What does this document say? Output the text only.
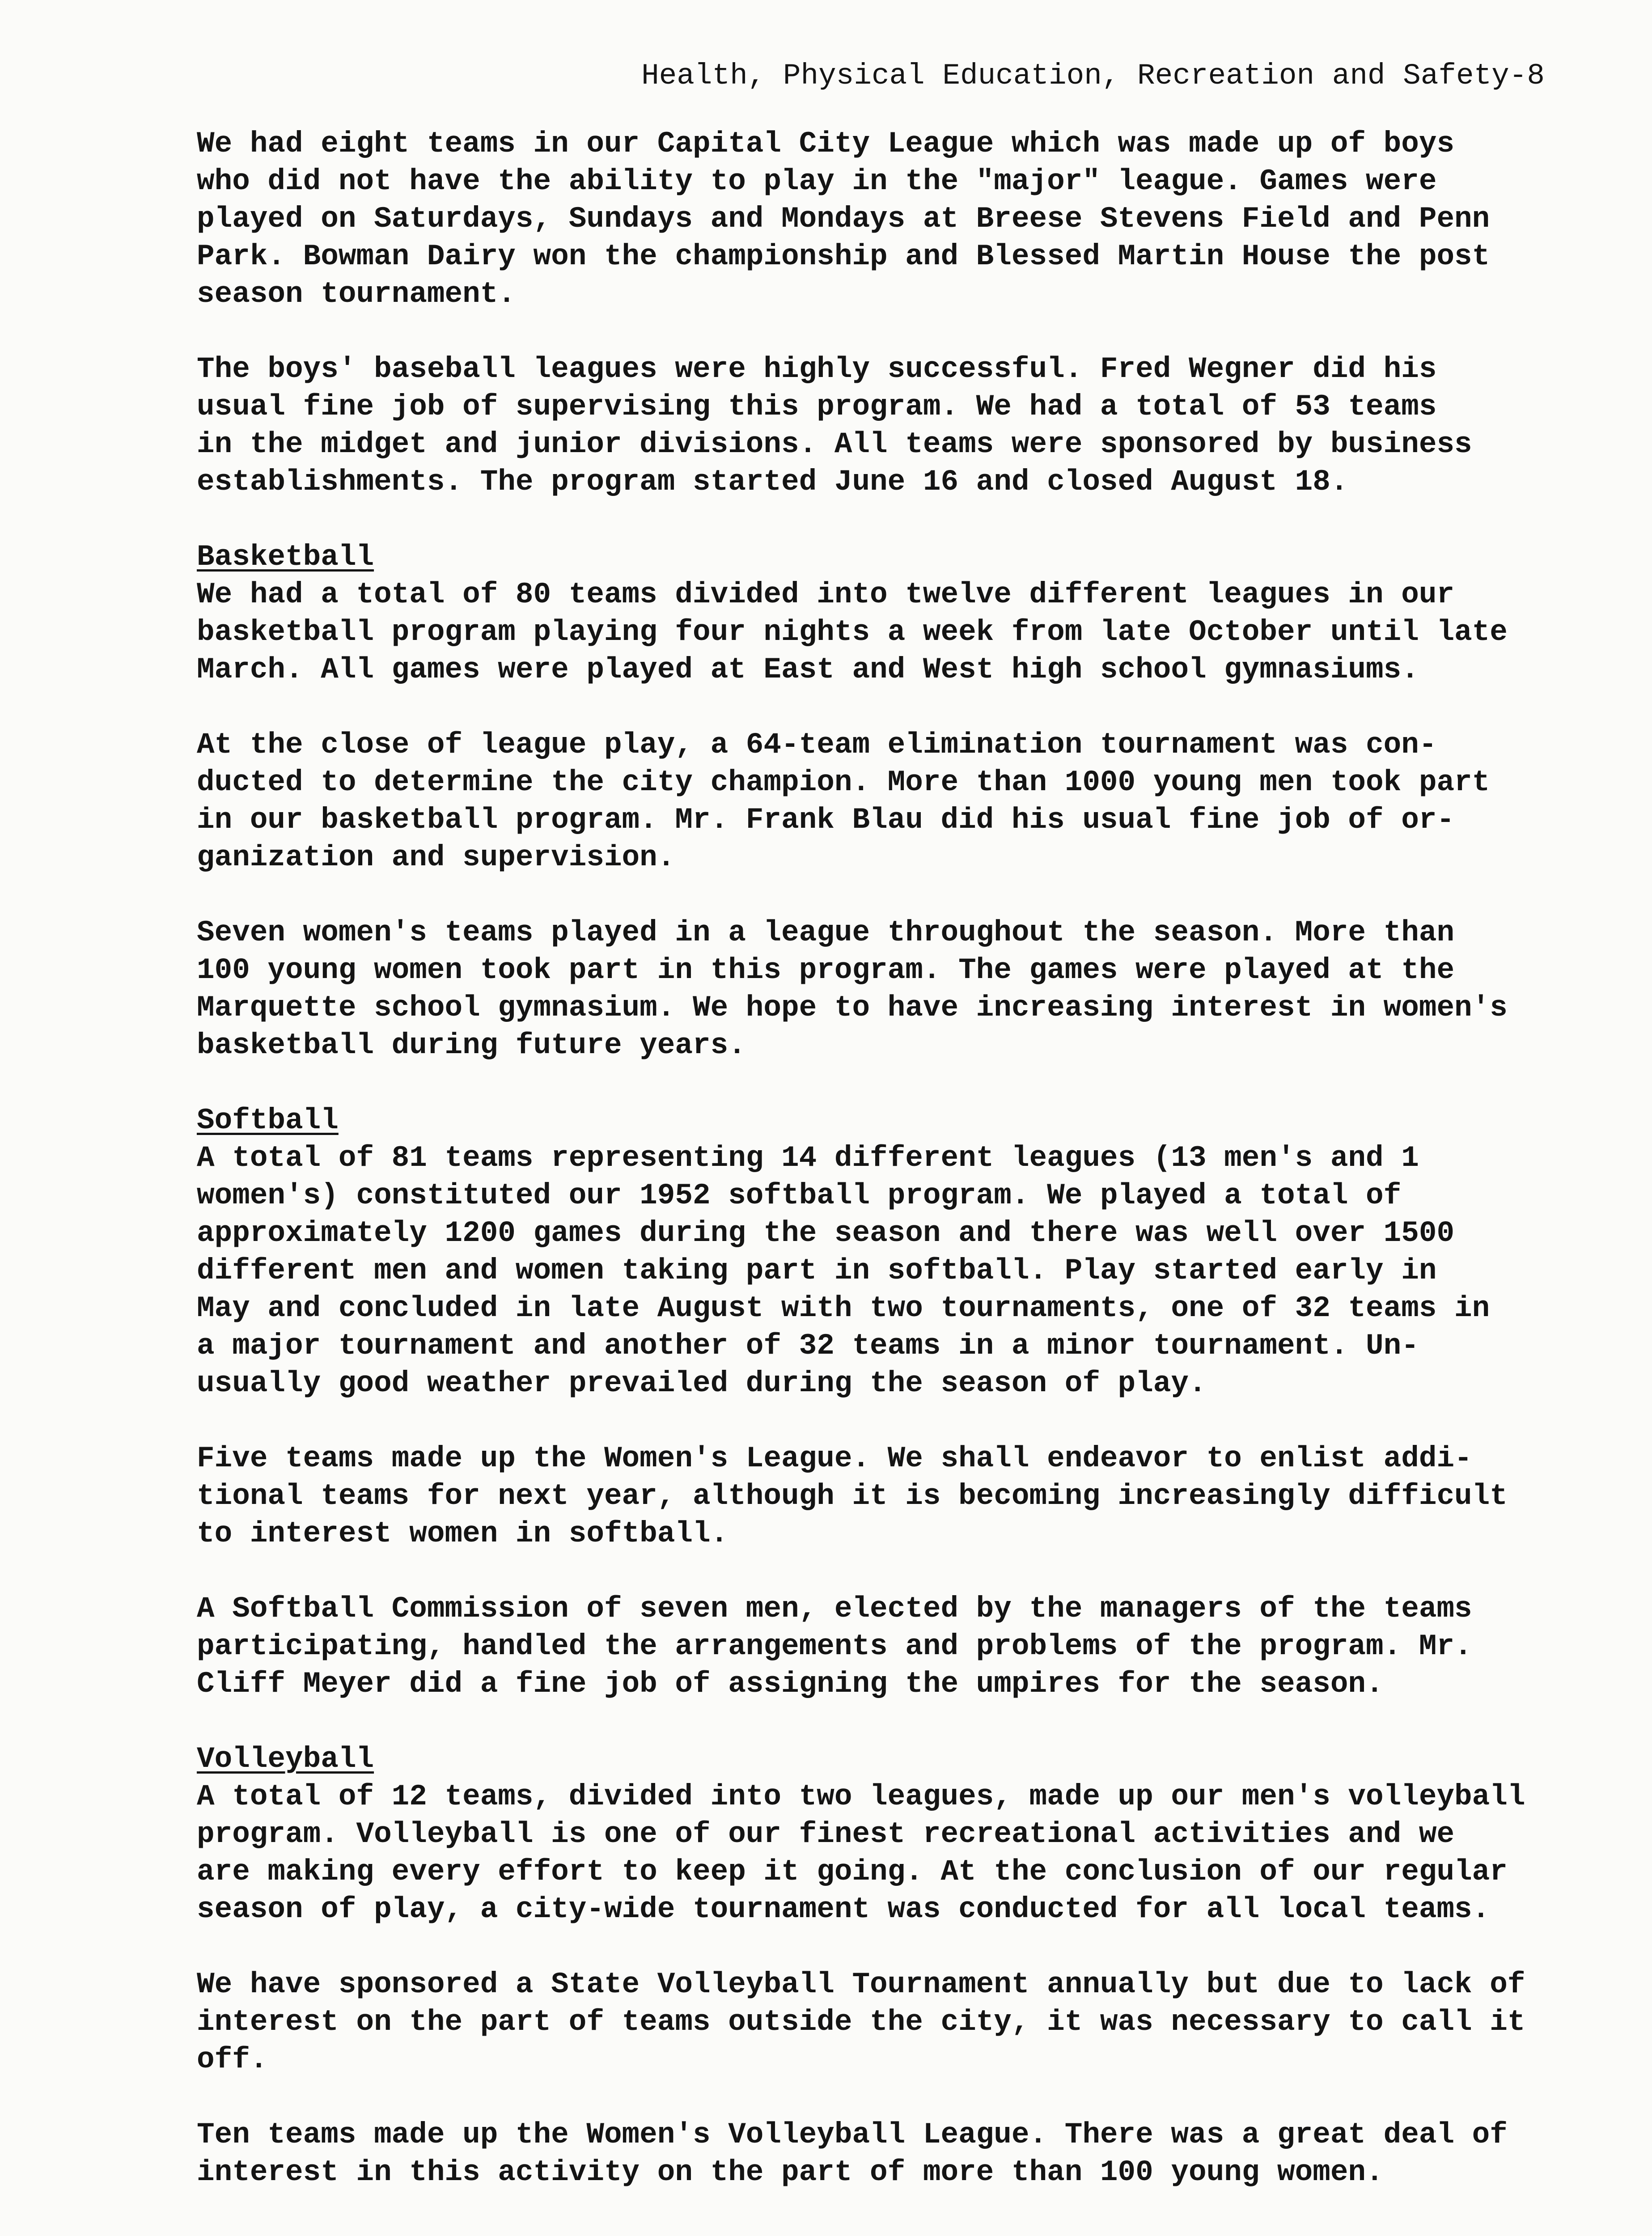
Health, Physical Education, Recreation and Safety-8

We had eight teams in our Capital City League which was made up of boys
who did not have the ability to play in the "major" league. Games were
played on Saturdays, Sundays and Mondays at Breese Stevens Field and Penn
Park. Bowman Dairy won the championship and Blessed Martin House the post
season tournament.

The boys' baseball leagues were highly successful. Fred Wegner did his
usual fine job of supervising this program. We had a total of 53 teams
in the midget and junior divisions. All teams were sponsored by business
establishments. The program started June 16 and closed August 18.

Basketball

We had a total of 80 teams divided into twelve different leagues in our
basketball program playing four nights a week from late October until late
March. All games were played at East and West high school gymnasiums.

At the close of league play, a 64-team elimination tournament was con-
ducted to determine the city champion. More than 1000 young men took part
in our basketball program. Mr. Frank Blau did his usual fine job of or-
ganization and supervision.

Seven women's teams played in a league throughout the season. More than
100 young women took part in this program. The games were played at the
Marquette school gymnasium. We hope to have increasing interest in women's
basketball during future years.

Softball

A total of 81 teams representing 14 different leagues (13 men's and 1
women's) constituted our 1952 softball program. We played a total of
approximately 1200 games during the season and there was well over 1500
different men and women taking part in softball. Play started early in
May and concluded in late August with two tournaments, one of 32 teams in
a major tournament and another of 32 teams in a minor tournament. Un-
usually good weather prevailed during the season of play.

Five teams made up the Women's League. We shall endeavor to enlist addi-
tional teams for next year, although it is becoming increasingly difficult
to interest women in softball.

A Softball Commission of seven men, elected by the managers of the teams
participating, handled the arrangements and problems of the program. Mr.
Cliff Meyer did a fine job of assigning the umpires for the season.

Volleyball

A total of 12 teams, divided into two leagues, made up our men's volleyball
program. Volleyball is one of our finest recreational activities and we
are making every effort to keep it going. At the conclusion of our regular
season of play, a city-wide tournament was conducted for all local teams.

We have sponsored a State Volleyball Tournament annually but due to lack of
interest on the part of teams outside the city, it was necessary to call it
off.

Ten teams made up the Women's Volleyball League. There was a great deal of
interest in this activity on the part of more than 100 young women.
